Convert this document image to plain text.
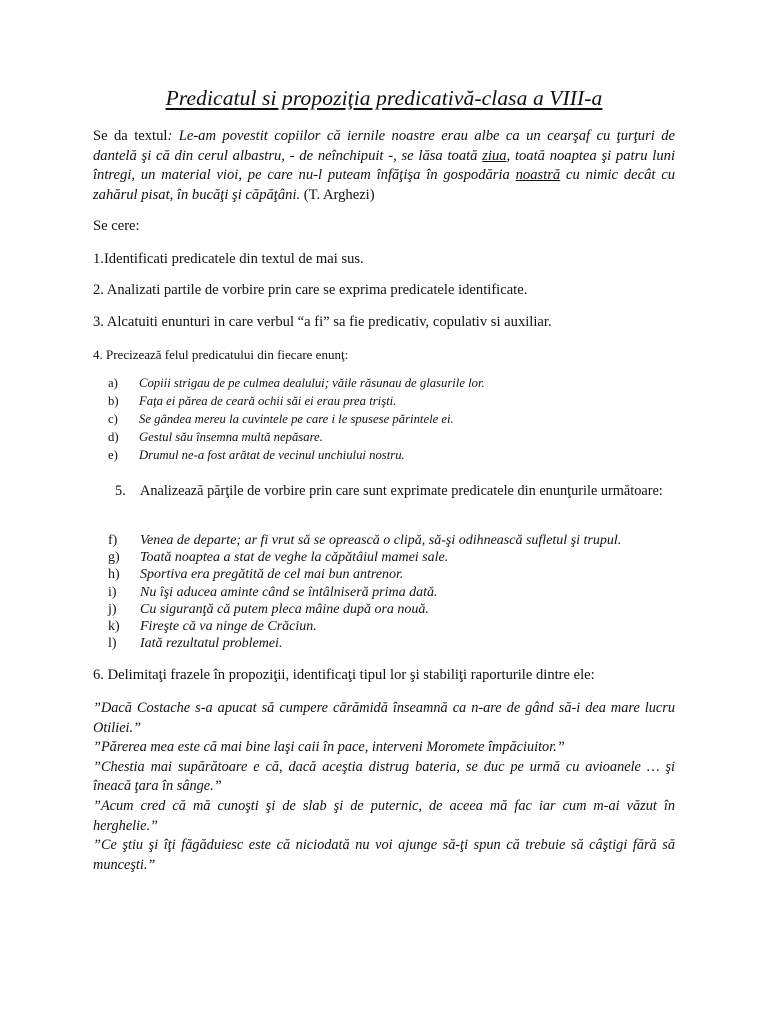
Predicatul si propoziţia predicativă-clasa a VIII-a
Se da textul: Le-am povestit copiilor că iernile noastre erau albe ca un cearşaf cu ţurţuri de dantelă şi că din cerul albastru, - de neînchipuit -, se lăsa toată ziua, toată noaptea şi patru luni întregi, un material vioi, pe care nu-l puteam înfăţişa în gospodăria noastră cu nimic decât cu zahărul pisat, în bucăţi şi căpăţâni. (T. Arghezi)
Se cere:
1.Identificati predicatele din textul de mai sus.
2. Analizati partile de vorbire prin care se exprima predicatele identificate.
3. Alcatuiti enunturi in care verbul “a fi” sa fie predicativ, copulativ si auxiliar.
4. Precizează felul predicatului din fiecare enunţ:
a) Copiii strigau de pe culmea dealului; văile răsunau de glasurile lor.
b) Faţa ei părea de ceară ochii săi ei erau prea trişti.
c) Se gândea mereu la cuvintele pe care i le spusese părintele ei.
d) Gestul său însemna multă nepăsare.
e) Drumul ne-a fost arătat de vecinul unchiului nostru.
5. Analizează părţile de vorbire prin care sunt exprimate predicatele din enunţurile următoare:
f) Venea de departe; ar fi vrut să se oprească o clipă, să-şi odihnească sufletul şi trupul.
g) Toată noaptea a stat de veghe la căpătâiul mamei sale.
h) Sportiva era pregătită de cel mai bun antrenor.
i) Nu îşi aducea aminte când se întâlniseră prima dată.
j) Cu siguranţă că putem pleca mâine după ora nouă.
k) Fireşte că va ninge de Crăciun.
l) Iată rezultatul problemei.
6. Delimitaţi frazele în propoziţii, identificaţi tipul lor şi stabiliţi raporturile dintre ele:

”Dacă Costache s-a apucat să cumpere cărămidă înseamnă ca n-are de gând să-i dea mare lucru Otiliei.”

”Părerea mea este că mai bine laşi caii în pace, interveni Moromete împăciuitor.”

”Chestia mai supărătoare e că, dacă aceştia distrug bateria, se duc pe urmă cu avioanele … şi îneacă ţara în sânge.”

”Acum cred că mă cunoşti şi de slab şi de puternic, de aceea mă fac iar cum m-ai văzut în herghelie.”

”Ce ştiu şi îţi făgăduiesc este că niciodată nu voi ajunge să-ţi spun că trebuie să câştigi fără să munceşti.”
